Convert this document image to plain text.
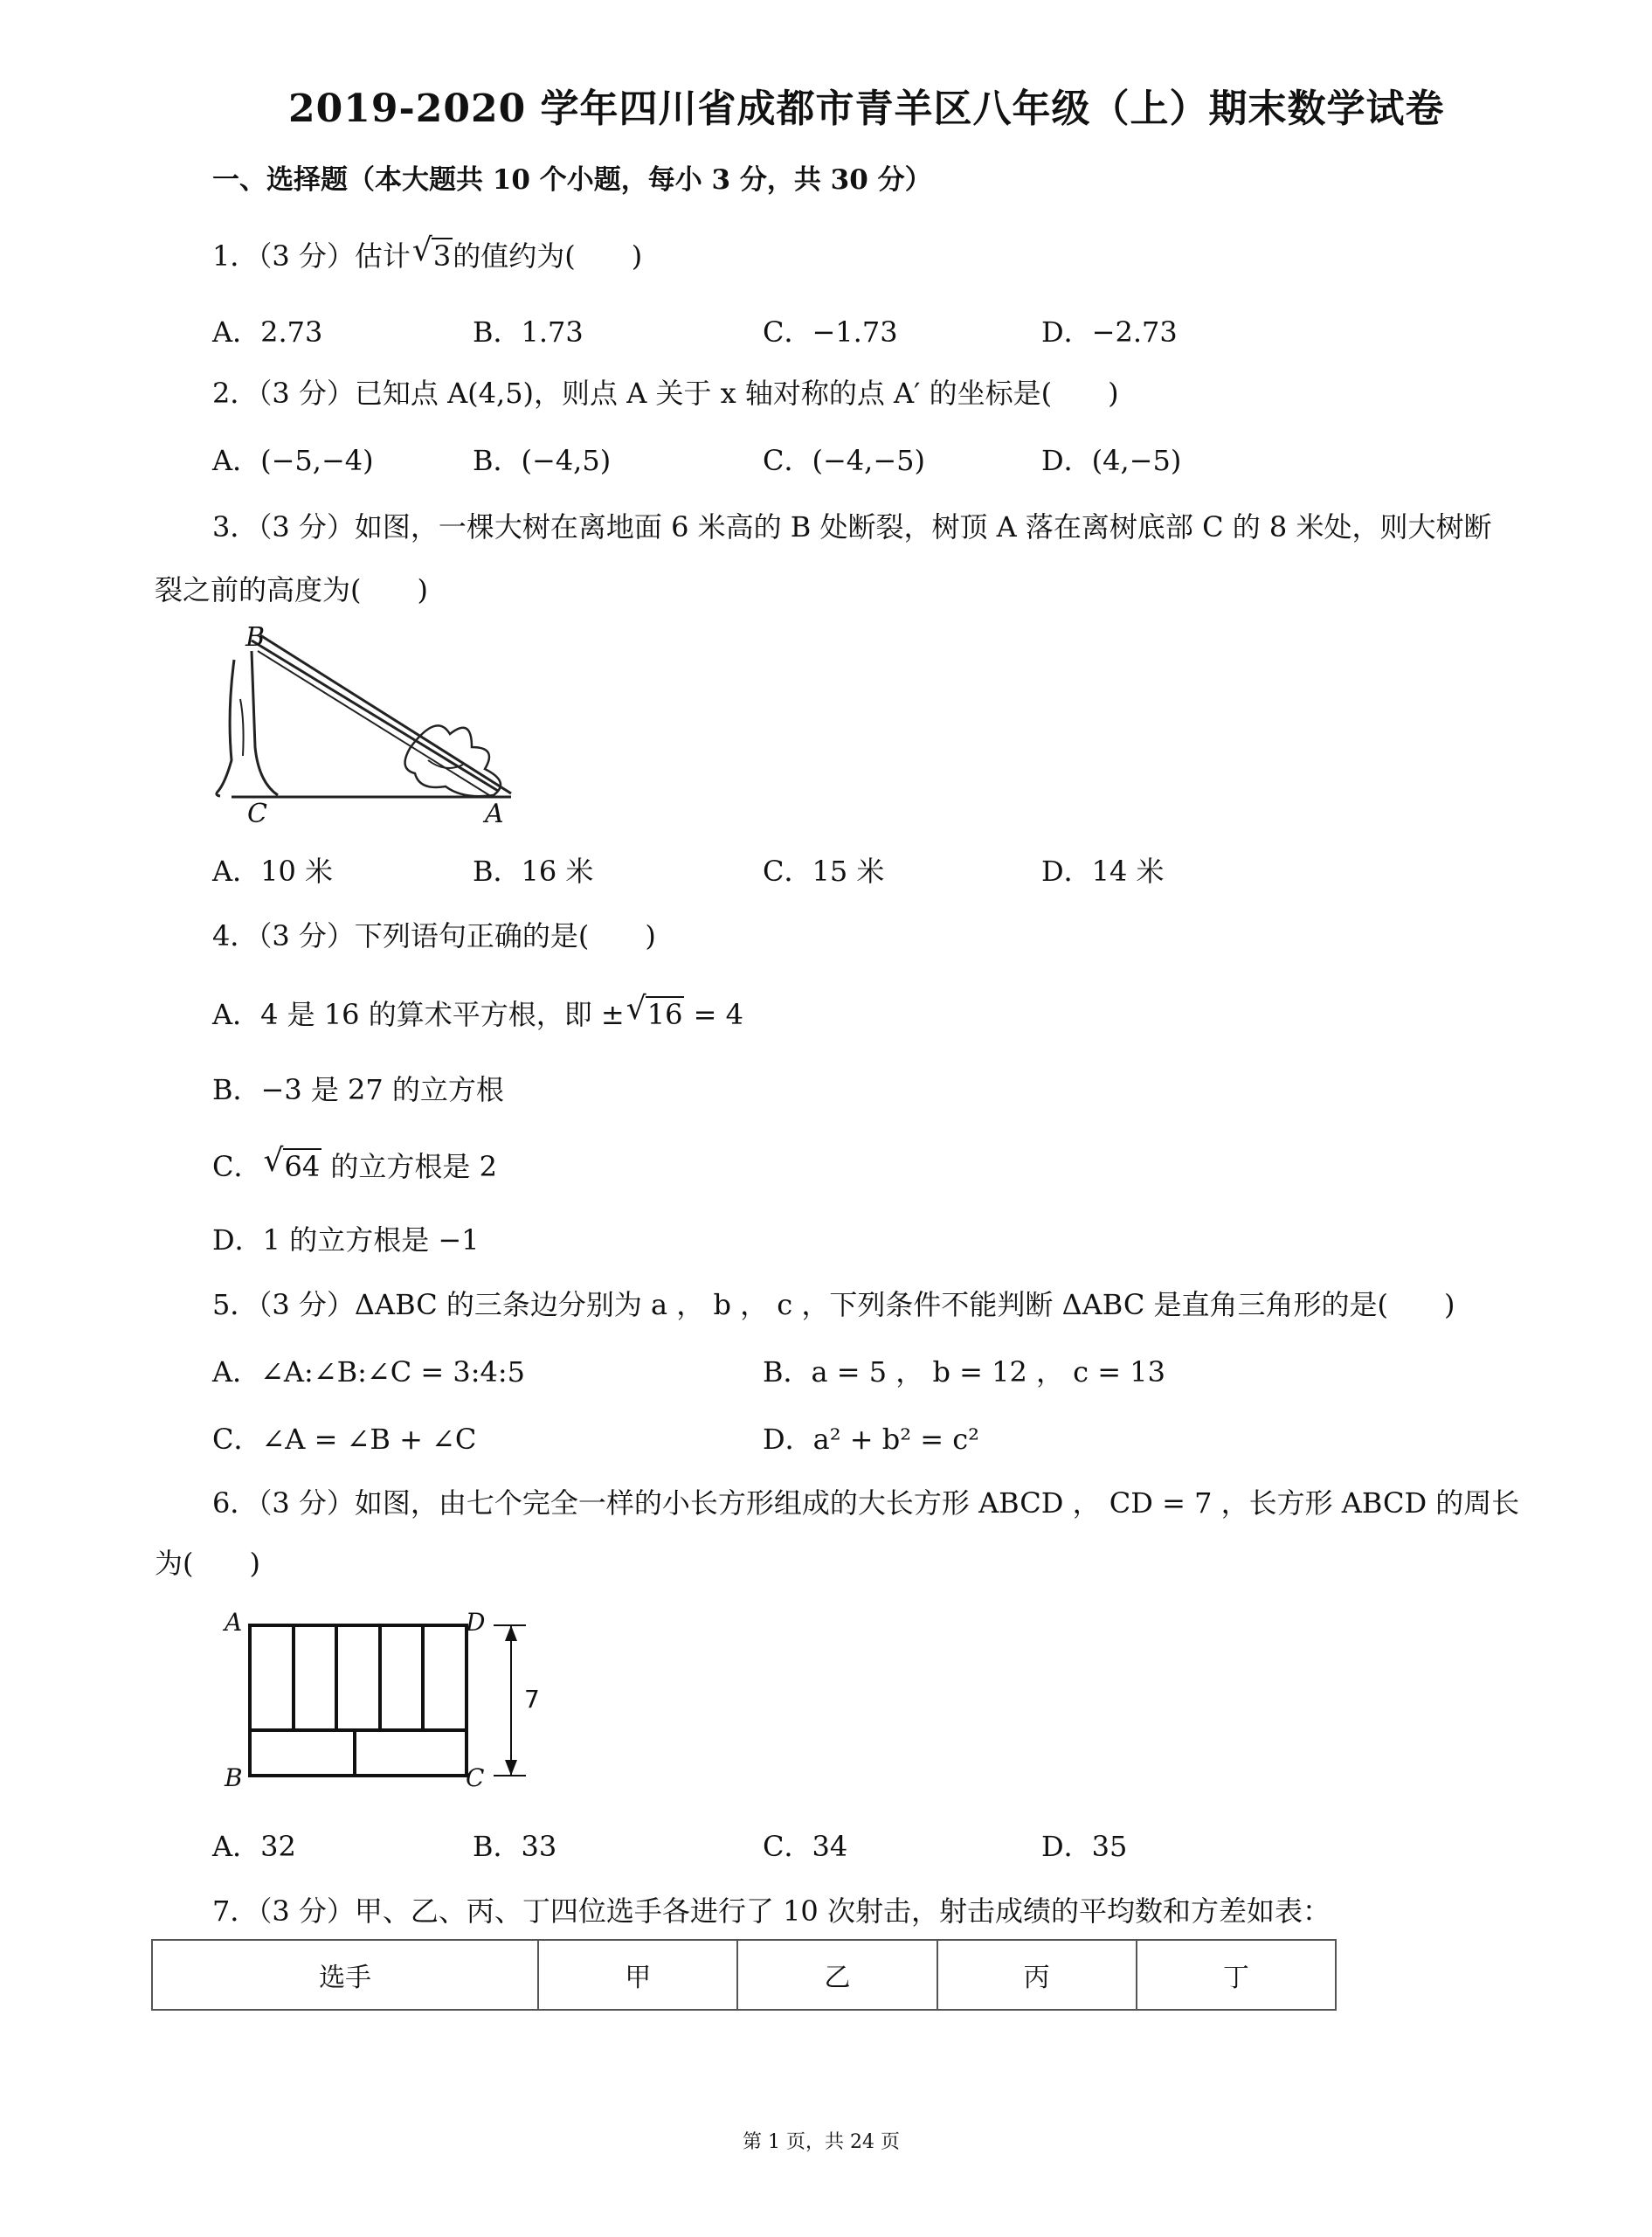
2019-2020 学年四川省成都市青羊区八年级（上）期末数学试卷
一、选择题（本大题共 10 个小题，每小 3 分，共 30 分）
1．（3 分）估计 √ 3的值约为(　　)
A．2.73	B．1.73	C．−1.73	D．−2.73
2．（3 分）已知点 A(4,5)，则点 A 关于 x 轴对称的点 A′ 的坐标是(　　)
A．(−5,−4)	B．(−4,5)	C．(−4,−5)	D．(4,−5)
3．（3 分）如图，一棵大树在离地面 6 米高的 B 处断裂，树顶 A 落在离树底部 C 的 8 米处，则大树断
裂之前的高度为(　　)
B
C	A
A．10 米	B．16 米	C．15 米	D．14 米
4．（3 分）下列语句正确的是(　　)
A．4 是 16 的算术平方根，即 ± √ 16 = 4
B．−3 是 27 的立方根
C． √ 64 的立方根是 2
D．1 的立方根是 −1
5．（3 分）ΔABC 的三条边分别为 a ， b ， c ，下列条件不能判断 ΔABC 是直角三角形的是(　　)
A．∠A:∠B:∠C = 3:4:5	B．a = 5 ， b = 12 ， c = 13
C．∠A = ∠B + ∠C	D．a² + b² = c²
6．（3 分）如图，由七个完全一样的小长方形组成的大长方形 ABCD ， CD = 7 ，长方形 ABCD 的周长
为(　　)
A	D
B	C
7
A．32	B．33	C．34	D．35
7．（3 分）甲、乙、丙、丁四位选手各进行了 10 次射击，射击成绩的平均数和方差如表：
选手	甲	乙	丙	丁
第 1 页，共 24 页
